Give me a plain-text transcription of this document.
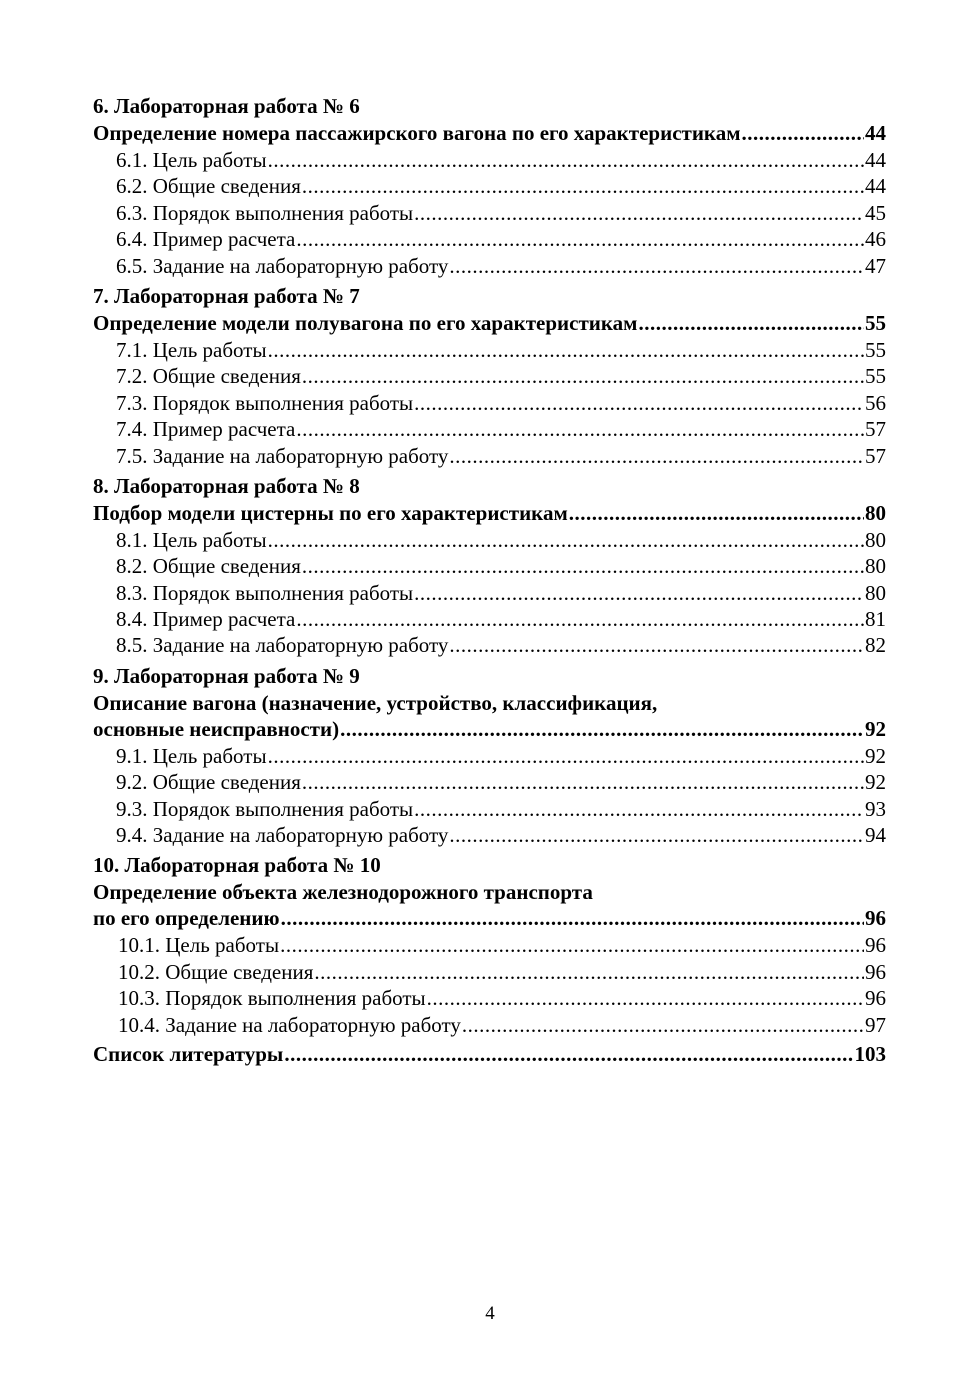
6. Лабораторная работа № 6
Определение номера пассажирского вагона по его характеристикам .....	44
6.1. Цель работы .....	44
6.2. Общие сведения .....	44
6.3. Порядок выполнения работы .....	45
6.4. Пример расчета .....	46
6.5. Задание на лабораторную работу .....	47
7. Лабораторная работа № 7
Определение модели полувагона по его характеристикам .....	55
7.1. Цель работы .....	55
7.2. Общие сведения .....	55
7.3. Порядок выполнения работы .....	56
7.4. Пример расчета .....	57
7.5. Задание на лабораторную работу .....	57
8. Лабораторная работа № 8
Подбор модели цистерны по его характеристикам .....	80
8.1. Цель работы .....	80
8.2. Общие сведения .....	80
8.3. Порядок выполнения работы .....	80
8.4. Пример расчета .....	81
8.5. Задание на лабораторную работу .....	82
9. Лабораторная работа № 9
Описание вагона (назначение, устройство, классификация,
основные неисправности) .....	92
9.1. Цель работы .....	92
9.2. Общие сведения .....	92
9.3. Порядок выполнения работы .....	93
9.4. Задание на лабораторную работу .....	94
10. Лабораторная работа № 10
Определение объекта железнодорожного транспорта
по его определению .....	96
10.1. Цель работы .....	96
10.2. Общие сведения .....	96
10.3. Порядок выполнения работы .....	96
10.4. Задание на лабораторную работу .....	97
Список литературы .....	103
4
